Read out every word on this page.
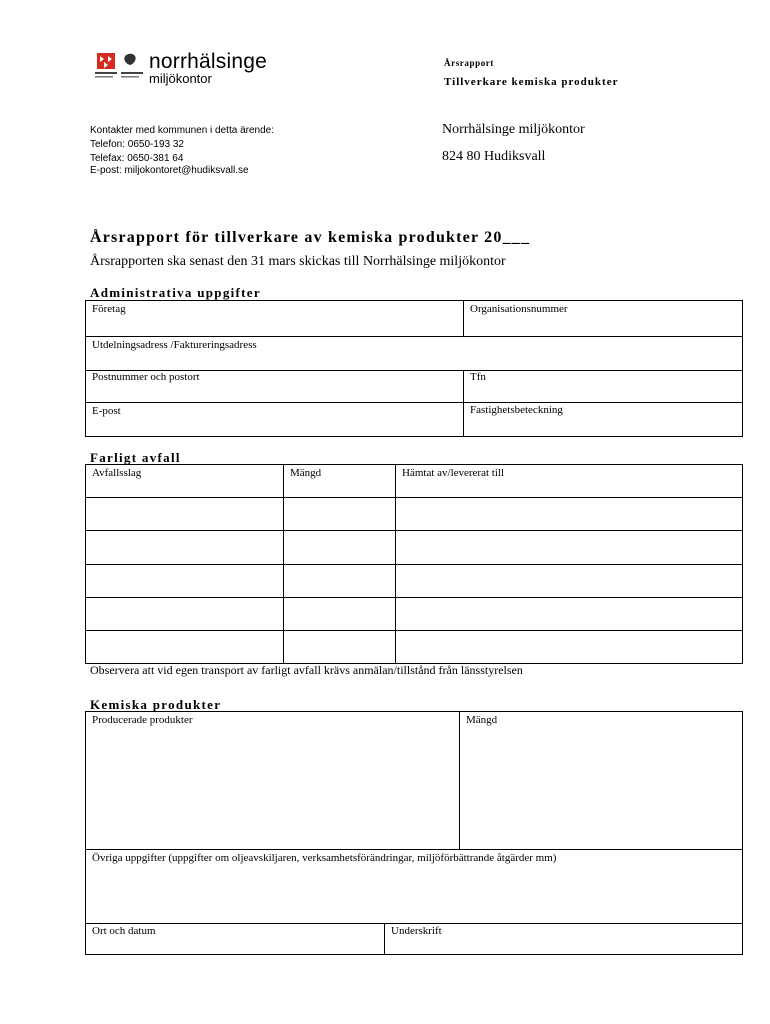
norrhälsinge
miljökontor
Årsrapport
Tillverkare kemiska produkter
Kontakter med kommunen i detta ärende:
Telefon: 0650-193 32
Telefax: 0650-381 64
E-post: miljokontoret@hudiksvall.se
Norrhälsinge miljökontor
824 80 Hudiksvall
Årsrapport för tillverkare av kemiska produkter 20___
Årsrapporten ska senast den 31 mars skickas till Norrhälsinge miljökontor
Administrativa uppgifter
Företag	Organisationsnummer
Utdelningsadress /Faktureringsadress
Postnummer och postort	Tfn
E-post	Fastighetsbeteckning
Farligt avfall
Avfallsslag	Mängd	Hämtat av/levererat till
Observera att vid egen transport av farligt avfall krävs anmälan/tillstånd från länsstyrelsen
Kemiska produkter
Producerade produkter	Mängd
Övriga uppgifter (uppgifter om oljeavskiljaren, verksamhetsförändringar, miljöförbättrande åtgärder mm)
Ort och datum	Underskrift
